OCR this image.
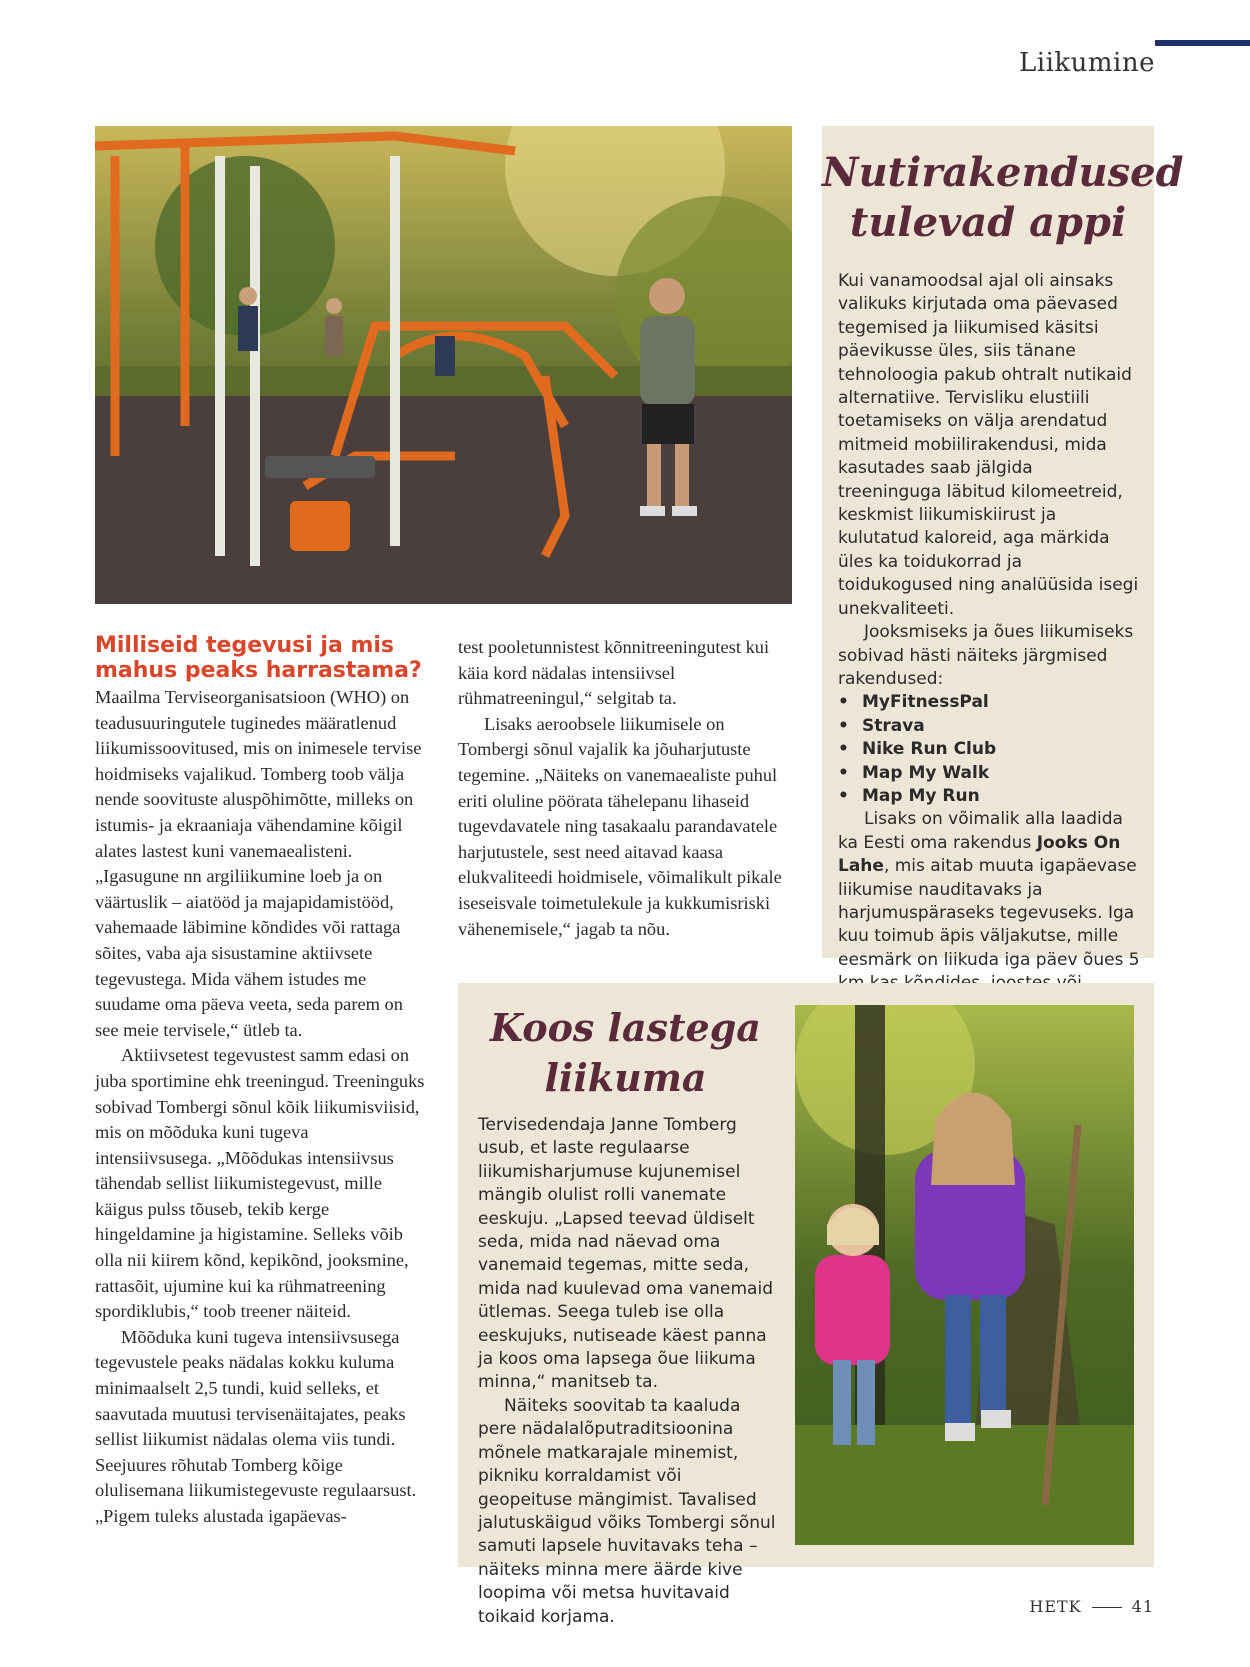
Liikumine
Milliseid tegevusi ja mis mahus peaks harrastama?

Maailma Terviseorganisatsioon (WHO) on teadusuuringutele tuginedes määratlenud liikumissoovitused, mis on inimesele tervise hoidmiseks vajalikud. Tomberg toob välja nende soovituste aluspõhimõtte, milleks on istumis- ja ekraaniaja vähendamine kõigil alates lastest kuni vanemaealisteni. „Igasugune nn argiliikumine loeb ja on väärtuslik – aiatööd ja majapidamistööd, vahemaade läbimine kõndides või rattaga sõites, vaba aja sisustamine aktiivsete tegevustega. Mida vähem istudes me suudame oma päeva veeta, seda parem on see meie tervisele,“ ütleb ta.

Aktiivsetest tegevustest samm edasi on juba sportimine ehk treeningud. Treeninguks sobivad Tombergi sõnul kõik liikumisviisid, mis on mõõduka kuni tugeva intensiivsusega. „Mõõdukas intensiivsus tähendab sellist liikumistegevust, mille käigus pulss tõuseb, tekib kerge hingeldamine ja higistamine. Selleks võib olla nii kiirem kõnd, kepikõnd, jooksmine, rattasõit, ujumine kui ka rühmatreening spordiklubis,“ toob treener näiteid.

Mõõduka kuni tugeva intensiivsusega tegevustele peaks nädalas kokku kuluma minimaalselt 2,5 tundi, kuid selleks, et saavutada muutusi tervisenäitajates, peaks sellist liikumist nädalas olema viis tundi. Seejuures rõhutab Tomberg kõige olulisemana liikumistegevuste regulaarsust. „Pigem tuleks alustada igapäevas-

test pooletunnistest kõnnitreeningutest kui käia kord nädalas intensiivsel rühmatreeningul,“ selgitab ta.

Lisaks aeroobsele liikumisele on Tombergi sõnul vajalik ka jõuharjutuste tegemine. „Näiteks on vanemaealiste puhul eriti oluline pöörata tähelepanu lihaseid tugevdavatele ning tasakaalu parandavatele harjutustele, sest need aitavad kaasa elukvaliteedi hoidmisele, võimalikult pikale iseseisvale toimetulekule ja kukkumisriski vähenemisele,“ jagab ta nõu.

Nutirakendused
tulevad appi

Kui vanamoodsal ajal oli ainsaks valikuks kirjutada oma päevased tegemised ja liikumised käsitsi päevikusse üles, siis tänane tehnoloogia pakub ohtralt nutikaid alternatiive. Tervisliku elustiili toetamiseks on välja arendatud mitmeid mobiilirakendusi, mida kasutades saab jälgida treeninguga läbitud kilomeetreid, keskmist liikumiskiirust ja kulutatud kaloreid, aga märkida üles ka toidukorrad ja toidukogused ning analüüsida isegi unekvaliteeti.

Jooksmiseks ja õues liikumiseks sobivad hästi näiteks järgmised rakendused:

• MyFitnessPal
• Strava
• Nike Run Club
• Map My Walk
• Map My Run

Lisaks on võimalik alla laadida ka Eesti oma rakendus Jooks On Lahe, mis aitab muuta igapäevase liikumise nauditavaks ja harjumuspäraseks tegevuseks. Iga kuu toimub äpis väljakutse, mille eesmärk on liikuda iga päev õues 5

Koos lastega
liikuma

Tervisedendaja Janne Tomberg usub, et laste regulaarse liikumisharjumuse kujunemisel mängib olulist rolli vanemate eeskuju. „Lapsed teevad üldiselt seda, mida nad näevad oma vanemaid tegemas, mitte seda, mida nad kuulevad oma vanemaid ütlemas. Seega tuleb ise olla eeskujuks, nutiseade käest panna ja koos oma lapsega õue liikuma minna,“ manitseb ta.

Näiteks soovitab ta kaaluda pere nädalalõputraditsioonina mõnele matkarajale minemist, pikniku korraldamist või geopeituse mängimist. Tavalised jalutuskäigud võiks Tombergi sõnul samuti lapsele huvitavaks teha – näiteks minna mere äärde kive loopima või metsa huvitavaid toikaid korjama.

HETK	41
